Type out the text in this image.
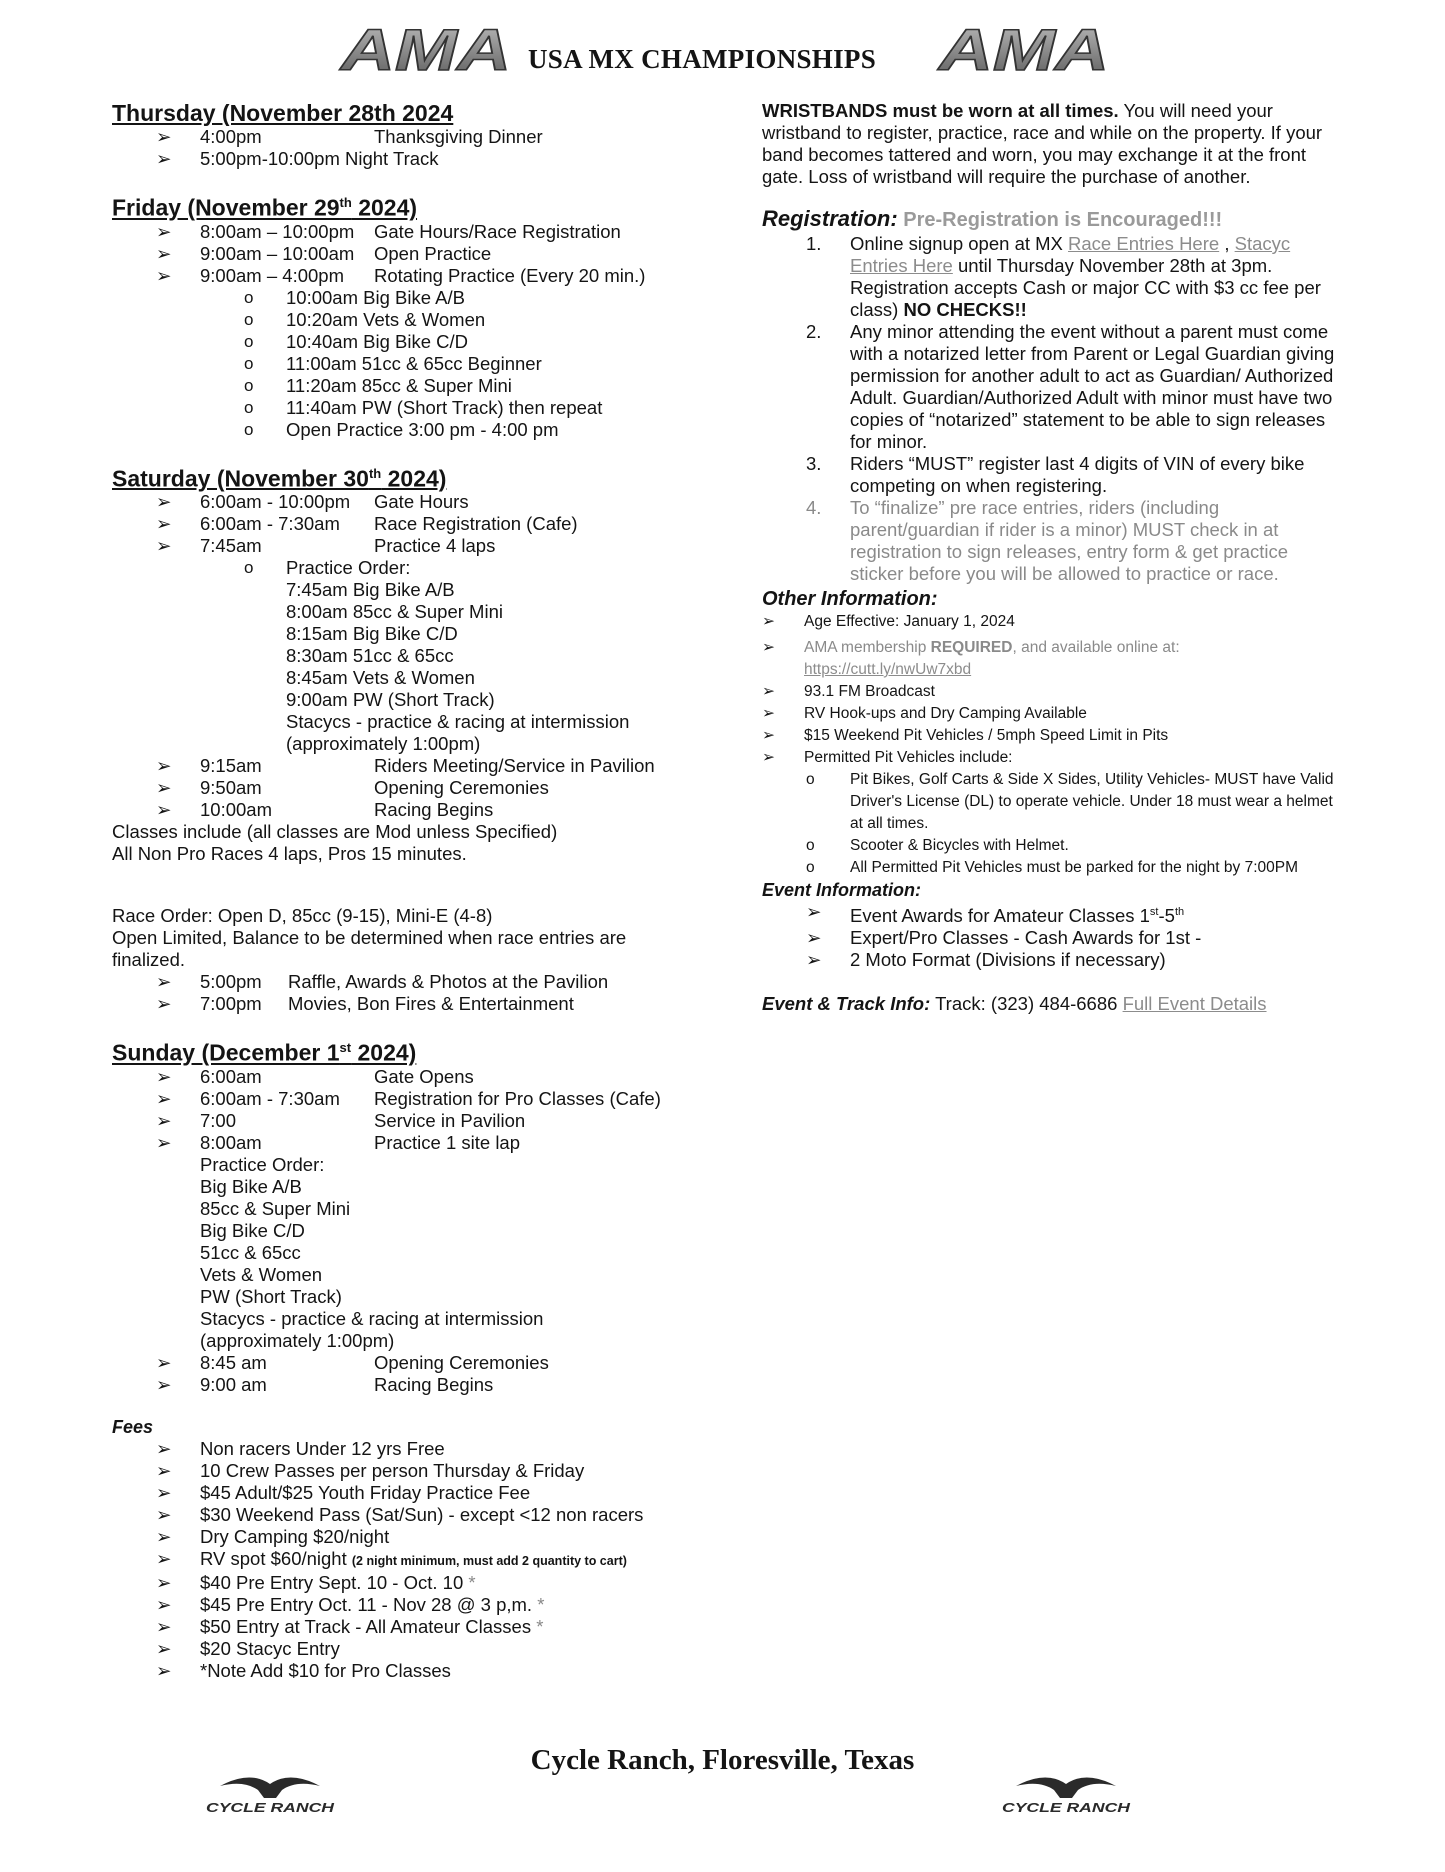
AMA USA MX CHAMPIONSHIPS AMA
Thursday (November 28th 2024
➢ 4:00pm	Thanksgiving Dinner
➢ 5:00pm-10:00pm Night Track
Friday (November 29th 2024)
➢ 8:00am – 10:00pm	Gate Hours/Race Registration
➢ 9:00am – 10:00am	Open Practice
➢ 9:00am – 4:00pm	Rotating Practice (Every 20 min.)
o 10:00am Big Bike A/B
o 10:20am Vets & Women
o 10:40am Big Bike C/D
o 11:00am 51cc & 65cc Beginner
o 11:20am 85cc & Super Mini
o 11:40am PW (Short Track) then repeat
o Open Practice 3:00 pm - 4:00 pm
Saturday (November 30th 2024)
➢ 6:00am - 10:00pm	Gate Hours
➢ 6:00am - 7:30am	Race Registration (Cafe)
➢ 7:45am	Practice 4 laps
o Practice Order:
7:45am Big Bike A/B
8:00am 85cc & Super Mini
8:15am Big Bike C/D
8:30am 51cc & 65cc
8:45am Vets & Women
9:00am PW (Short Track)
Stacycs - practice & racing at intermission
(approximately 1:00pm)
➢ 9:15am	Riders Meeting/Service in Pavilion
➢ 9:50am	Opening Ceremonies
➢ 10:00am	Racing Begins
Classes include (all classes are Mod unless Specified)
All Non Pro Races 4 laps, Pros 15 minutes.
Race Order: Open D, 85cc (9-15), Mini-E (4-8)
Open Limited, Balance to be determined when race entries are
finalized.
➢ 5:00pm	Raffle, Awards & Photos at the Pavilion
➢ 7:00pm	Movies, Bon Fires & Entertainment
Sunday (December 1st 2024)
➢ 6:00am	Gate Opens
➢ 6:00am - 7:30am	Registration for Pro Classes (Cafe)
➢ 7:00	Service in Pavilion
➢ 8:00am	Practice 1 site lap
Practice Order:
Big Bike A/B
85cc & Super Mini
Big Bike C/D
51cc & 65cc
Vets & Women
PW (Short Track)
Stacycs - practice & racing at intermission
(approximately 1:00pm)
➢ 8:45 am	Opening Ceremonies
➢ 9:00 am	Racing Begins
Fees
➢ Non racers Under 12 yrs Free
➢ 10 Crew Passes per person Thursday & Friday
➢ $45 Adult/$25 Youth Friday Practice Fee
➢ $30 Weekend Pass (Sat/Sun) - except <12 non racers
➢ Dry Camping $20/night
➢ RV spot $60/night (2 night minimum, must add 2 quantity to cart)
➢ $40 Pre Entry Sept. 10 - Oct. 10 *
➢ $45 Pre Entry Oct. 11 - Nov 28 @ 3 p,m. *
➢ $50 Entry at Track - All Amateur Classes *
➢ $20 Stacyc Entry
➢ *Note Add $10 for Pro Classes
WRISTBANDS must be worn at all times. You will need your wristband to register, practice, race and while on the property. If your band becomes tattered and worn, you may exchange it at the front gate. Loss of wristband will require the purchase of another.
Registration: Pre-Registration is Encouraged!!!
1. Online signup open at MX Race Entries Here , Stacyc Entries Here until Thursday November 28th at 3pm. Registration accepts Cash or major CC with $3 cc fee per class) NO CHECKS!!
2. Any minor attending the event without a parent must come with a notarized letter from Parent or Legal Guardian giving permission for another adult to act as Guardian/ Authorized Adult. Guardian/Authorized Adult with minor must have two copies of “notarized” statement to be able to sign releases for minor.
3. Riders “MUST” register last 4 digits of VIN of every bike competing on when registering.
4. To “finalize” pre race entries, riders (including parent/guardian if rider is a minor) MUST check in at registration to sign releases, entry form & get practice sticker before you will be allowed to practice or race.
Other Information:
➢ Age Effective: January 1, 2024
➢ AMA membership REQUIRED, and available online at:
https://cutt.ly/nwUw7xbd
➢ 93.1 FM Broadcast
➢ RV Hook-ups and Dry Camping Available
➢ $15 Weekend Pit Vehicles / 5mph Speed Limit in Pits
➢ Permitted Pit Vehicles include:
o Pit Bikes, Golf Carts & Side X Sides, Utility Vehicles- MUST have Valid Driver's License (DL) to operate vehicle. Under 18 must wear a helmet at all times.
o Scooter & Bicycles with Helmet.
o All Permitted Pit Vehicles must be parked for the night by 7:00PM
Event Information:
➢ Event Awards for Amateur Classes 1st-5th
➢ Expert/Pro Classes - Cash Awards for 1st -
➢ 2 Moto Format (Divisions if necessary)
Event & Track Info: Track: (323) 484-6686 Full Event Details
Cycle Ranch, Floresville, Texas
CYCLE RANCH	CYCLE RANCH
